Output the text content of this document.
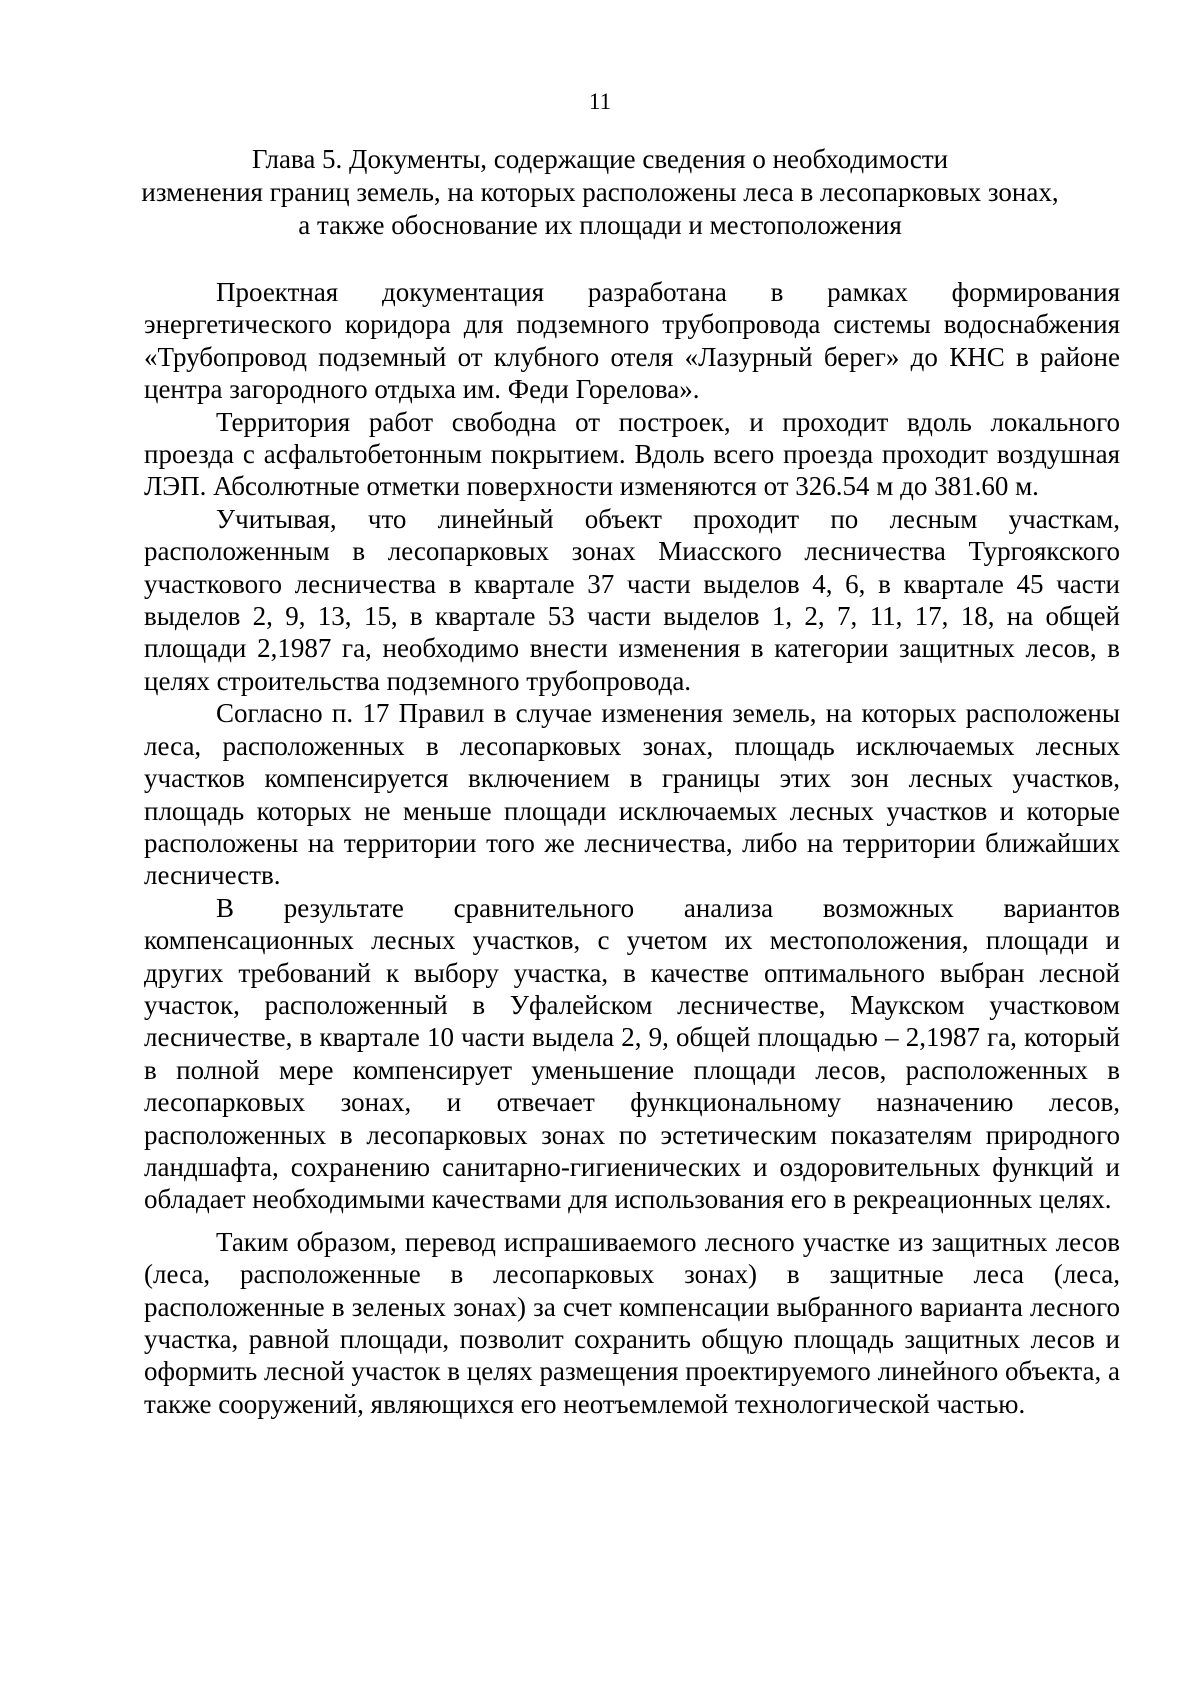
11
Глава 5. Документы, содержащие сведения о необходимости
изменения границ земель, на которых расположены леса в лесопарковых зонах,
а также обоснование их площади и местоположения

Проектная документация разработана в рамках формирования энергетического коридора для подземного трубопровода системы водоснабжения «Трубопровод подземный от клубного отеля «Лазурный берег» до КНС в районе центра загородного отдыха им. Феди Горелова».

Территория работ свободна от построек, и проходит вдоль локального проезда с асфальтобетонным покрытием. Вдоль всего проезда проходит воздушная ЛЭП. Абсолютные отметки поверхности изменяются от 326.54 м до 381.60 м.

Учитывая, что линейный объект проходит по лесным участкам, расположенным в лесопарковых зонах Миасского лесничества Тургоякского участкового лесничества в квартале 37 части выделов 4, 6, в квартале 45 части выделов 2, 9, 13, 15, в квартале 53 части выделов 1, 2, 7, 11, 17, 18, на общей площади 2,1987 га, необходимо внести изменения в категории защитных лесов, в целях строительства подземного трубопровода.

Согласно п. 17 Правил в случае изменения земель, на которых расположены леса, расположенных в лесопарковых зонах, площадь исключаемых лесных участков компенсируется включением в границы этих зон лесных участков, площадь которых не меньше площади исключаемых лесных участков и которые расположены на территории того же лесничества, либо на территории ближайших лесничеств.

В результате сравнительного анализа возможных вариантов компенсационных лесных участков, с учетом их местоположения, площади и других требований к выбору участка, в качестве оптимального выбран лесной участок, расположенный в Уфалейском лесничестве, Маукском участковом лесничестве, в квартале 10 части выдела 2, 9, общей площадью – 2,1987 га, который в полной мере компенсирует уменьшение площади лесов, расположенных в лесопарковых зонах, и отвечает функциональному назначению лесов, расположенных в лесопарковых зонах по эстетическим показателям природного ландшафта, сохранению санитарно-гигиенических и оздоровительных функций и обладает необходимыми качествами для использования его в рекреационных целях.

Таким образом, перевод испрашиваемого лесного участке из защитных лесов (леса, расположенные в лесопарковых зонах) в защитные леса (леса, расположенные в зеленых зонах) за счет компенсации выбранного варианта лесного участка, равной площади, позволит сохранить общую площадь защитных лесов и оформить лесной участок в целях размещения проектируемого линейного объекта, а также сооружений, являющихся его неотъемлемой технологической частью.
